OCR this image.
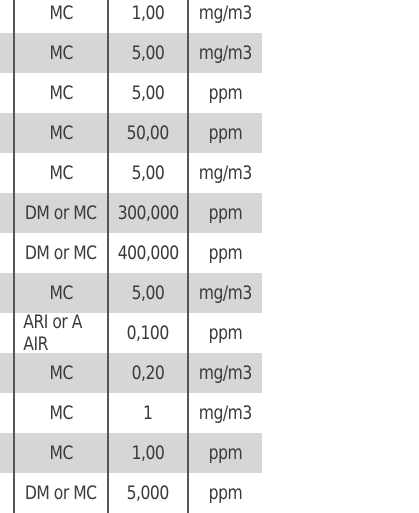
MC	1,00 mg/m3
MC	5,00 mg/m3
MC	5,00 ppm
MC	50,00 ppm
MC	5,00 mg/m3
DM or MC 300,000 ppm
DM or MC 400,000 ppm
MC	5,00 mg/m3
ARI or A AIR	0,100 ppm
MC	0,20 mg/m3
MC	1 mg/m3
MC	1,00 ppm
DM or MC 5,000 ppm
